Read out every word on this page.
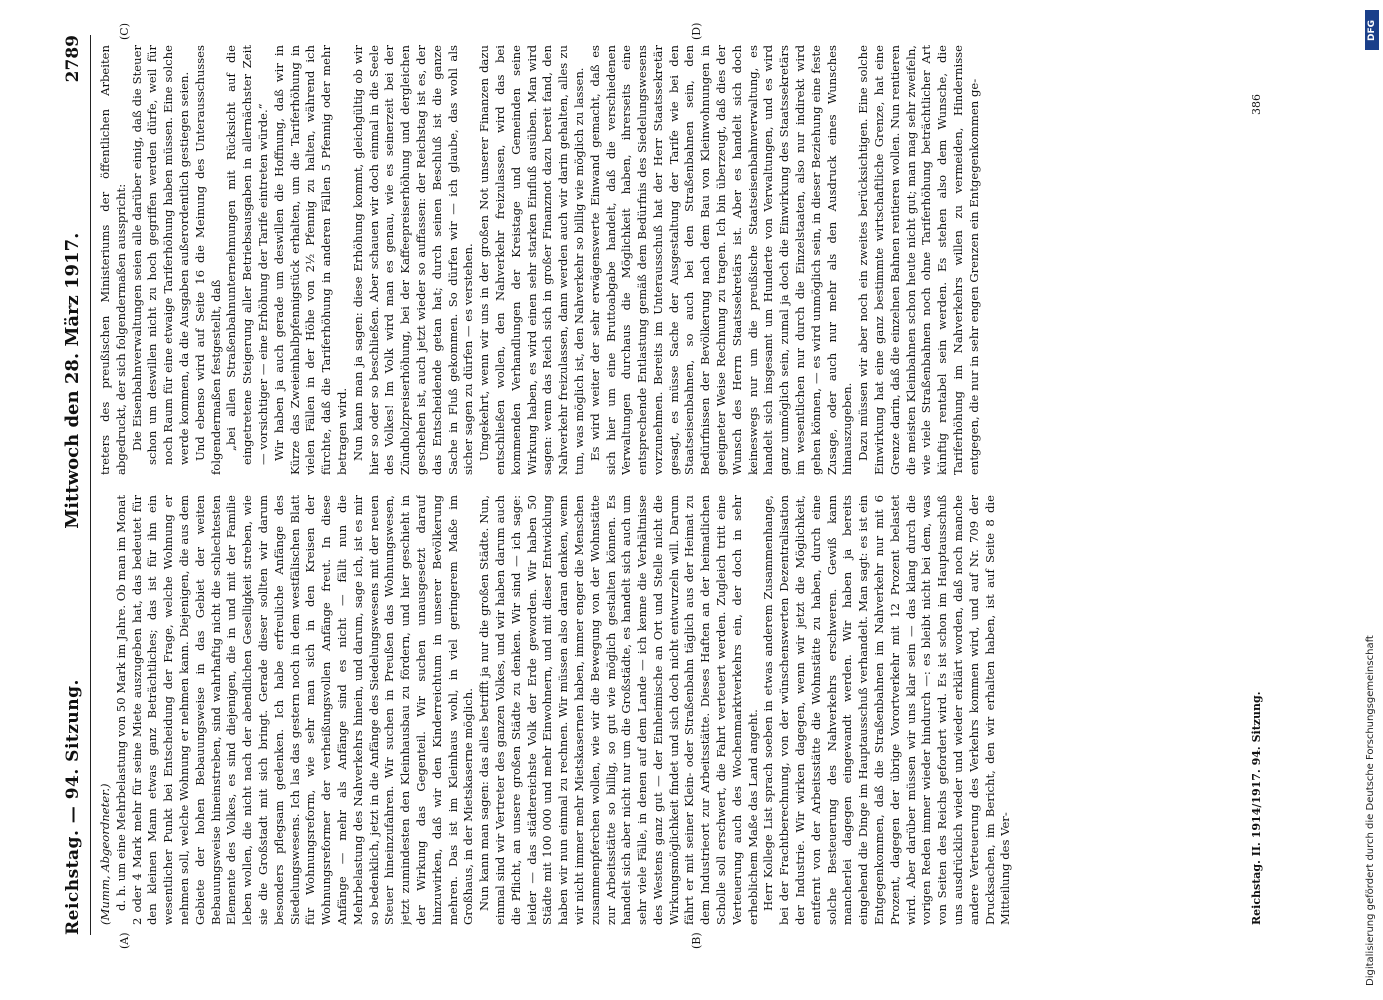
Reichstag. — 94. Sitzung.
Mittwoch den 28. März 1917.
2789
(A)	(B)
(C)	(D)

(Mumm, Abgeordneter.) d. h. um eine Mehrbelastung von 50 Mark im Jahre. Ob man im Monat 2 oder 4 Mark mehr für seine Miete auszugeben hat, das bedeutet für den kleinen Mann etwas ganz Beträchtliches; das ist für ihn ein wesentlicher Punkt bei Entscheidung der Frage, welche Wohnung er nehmen soll, welche Wohnung er nehmen kann. Diejenigen, die aus dem Gebiete der hohen Bebauungsweise in das Gebiet der weiten Bebauungsweise hineinstreben, sind wahrhaftig nicht die schlechtesten Elemente des Volkes, es sind diejenigen, die in und mit der Familie leben wollen, die nicht nach der abendlichen Geselligkeit streben, wie sie die Großstadt mit sich bringt. Gerade dieser sollten wir darum besonders pflegsam gedenken. Ich habe erfreuliche Anfänge des Siedelungswesens. Ich las das gestern noch in dem westfälischen Blatt für Wohnungsreform, wie sehr man sich in den Kreisen der Wohnungsreformer der verheißungsvollen Anfänge freut. In diese Anfänge — mehr als Anfänge sind es nicht — fällt nun die Mehrbelastung des Nahverkehrs hinein, und darum, sage ich, ist es mir so bedenklich, jetzt in die Anfänge des Siedelungswesens mit der neuen Steuer hineinzufahren. Wir suchen in Preußen das Wohnungswesen, jetzt zumindesten den Kleinhausbau zu fördern, und hier geschieht in der Wirkung das Gegenteil. Wir suchen unausgesetzt darauf hinzuwirken, daß wir den Kinderreichtum in unserer Bevölkerung mehren. Das ist im Kleinhaus wohl, in viel geringerem Maße im Großhaus, in der Mietskaserne möglich. Nun kann man sagen: das alles betrifft ja nur die großen Städte. Nun, einmal sind wir Vertreter des ganzen Volkes, und wir haben darum auch die Pflicht, an unsere großen Städte zu denken. Wir sind — ich sage: leider — das städtereichste Volk der Erde geworden. Wir haben 50 Städte mit 100 000 und mehr Einwohnern, und mit dieser Entwicklung haben wir nun einmal zu rechnen. Wir müssen also daran denken, wenn wir nicht immer mehr Mietskasernen haben, immer enger die Menschen zusammenpferchen wollen, wie wir die Bewegung von der Wohnstätte zur Arbeitsstätte so billig, so gut wie möglich gestalten können. Es handelt sich aber nicht nur um die Großstädte, es handelt sich auch um sehr viele Fälle, in denen auf dem Lande — ich kenne die Verhältnisse des Westens ganz gut — der Einheimische an Ort und Stelle nicht die Wirkungsmöglichkeit findet und sich doch nicht entwurzeln will. Darum fährt er mit seiner Klein- oder Straßenbahn täglich aus der Heimat zu dem Industrieort zur Arbeitsstätte. Dieses Haften an der heimatlichen Scholle soll erschwert, die Fahrt verteuert werden. Zugleich tritt eine Verteuerung auch des Wochenmarktverkehrs ein, der doch in sehr erheblichem Maße das Land angeht. Herr Kollege List sprach soeben in etwas anderem Zusammenhange, bei der Frachtberechnung, von der wünschenswerten Dezentralisation der Industrie. Wir wirken dagegen, wenn wir jetzt die Möglichkeit, entfernt von der Arbeitsstätte die Wohnstätte zu haben, durch eine solche Besteuerung des Nahverkehrs erschweren. Gewiß kann mancherlei dagegen eingewandt werden. Wir haben ja bereits eingehend die Dinge im Hauptausschuß verhandelt. Man sagt: es ist ein Entgegenkommen, daß die Straßenbahnen im Nahverkehr nur mit 6 Prozent, dagegen der übrige Vorortverkehr mit 12 Prozent belastet wird. Aber darüber müssen wir uns klar sein — das klang durch die vorigen Reden immer wieder hindurch —: es bleibt nicht bei dem, was von Seiten des Reichs gefordert wird. Es ist schon im Hauptausschuß uns ausdrücklich wieder und wieder erklärt worden, daß noch manche andere Verteuerung des Verkehrs kommen wird, und auf Nr. 709 der Drucksachen, im Bericht, den wir erhalten haben, ist auf Seite 8 die Mitteilung des Ver-

treters des preußischen Ministeriums der öffentlichen Arbeiten abgedruckt, der sich folgendermaßen ausspricht: Die Eisenbahnverwaltungen seien alle darüber einig, daß die Steuer schon um deswillen nicht zu hoch gegriffen werden dürfe, weil für noch Raum für eine etwaige Tariferhöhung haben müssen. Eine solche werde kommen, da die Ausgaben außerordentlich gestiegen seien. Und ebenso wird auf Seite 16 die Meinung des Unterausschusses folgendermaßen festgestellt, daß „bei allen Straßenbahnunternehmungen mit Rücksicht auf die eingetretene Steigerung aller Betriebsausgaben in allernächster Zeit — vorsichtiger — eine Erhöhung der Tarife eintreten würde.“ Wir haben ja auch gerade um deswillen die Hoffnung, daß wir in Kürze das Zweieinhalbpfennigstück erhalten, um die Tariferhöhung in vielen Fällen in der Höhe von 2½ Pfennig zu halten, während ich fürchte, daß die Tariferhöhung in anderen Fällen 5 Pfennig oder mehr betragen wird. Nun kann man ja sagen: diese Erhöhung kommt, gleichgültig ob wir hier so oder so beschließen. Aber schauen wir doch einmal in die Seele des Volkes! Im Volk wird man es genau, wie es seinerzeit bei der Zündholzpreiserhöhung, bei der Kaffeepreiserhöhung und dergleichen geschehen ist, auch jetzt wieder so auffassen: der Reichstag ist es, der das Entscheidende getan hat; durch seinen Beschluß ist die ganze Sache in Fluß gekommen. So dürfen wir — ich glaube, das wohl als sicher sagen zu dürfen — es verstehen. Umgekehrt, wenn wir uns in der großen Not unserer Finanzen dazu entschließen wollen, den Nahverkehr freizulassen, wird das bei kommenden Verhandlungen der Kreistage und Gemeinden seine Wirkung haben, es wird einen sehr starken Einfluß ausüben. Man wird sagen: wenn das Reich sich in großer Finanznot dazu bereit fand, den Nahverkehr freizulassen, dann werden auch wir darin gehalten, alles zu tun, was möglich ist, den Nahverkehr so billig wie möglich zu lassen. Es wird weiter der sehr erwägenswerte Einwand gemacht, daß es sich hier um eine Bruttoabgabe handelt, daß die verschiedenen Verwaltungen durchaus die Möglichkeit haben, ihrerseits eine entsprechende Entlastung gemäß dem Bedürfnis des Siedelungswesens vorzunehmen. Bereits im Unterausschuß hat der Herr Staatssekretär gesagt, es müsse Sache der Ausgestaltung der Tarife wie bei den Staatseisenbahnen, so auch bei den Straßenbahnen sein, den Bedürfnissen der Bevölkerung nach dem Bau von Kleinwohnungen in geeigneter Weise Rechnung zu tragen. Ich bin überzeugt, daß dies der Wunsch des Herrn Staatssekretärs ist. Aber es handelt sich doch keineswegs nur um die preußische Staatseisenbahnverwaltung, es handelt sich insgesamt um Hunderte von Verwaltungen, und es wird ganz unmöglich sein, zumal ja doch die Einwirkung des Staatssekretärs im wesentlichen nur durch die Einzelstaaten, also nur indirekt wird gehen können, — es wird unmöglich sein, in dieser Beziehung eine feste Zusage, oder auch nur mehr als den Ausdruck eines Wunsches hinauszugeben. Dazu müssen wir aber noch ein zweites berücksichtigen. Eine solche Einwirkung hat eine ganz bestimmte wirtschaftliche Grenze, hat eine Grenze darin, daß die einzelnen Bahnen rentieren wollen. Nun rentieren die meisten Kleinbahnen schon heute nicht gut; man mag sehr zweifeln, wie viele Straßenbahnen noch ohne Tariferhöhung beträchtlicher Art künftig rentabel sein werden. Es stehen also dem Wunsche, die Tariferhöhung im Nahverkehrs willen zu vermeiden, Hindernisse entgegen, die nur in sehr engen Grenzen ein Entgegenkommen ge-

Reichstag. II. 1914/1917. 94. Sitzung.
386
DFG
Digitalisierung gefördert durch die Deutsche Forschungsgemeinschaft
